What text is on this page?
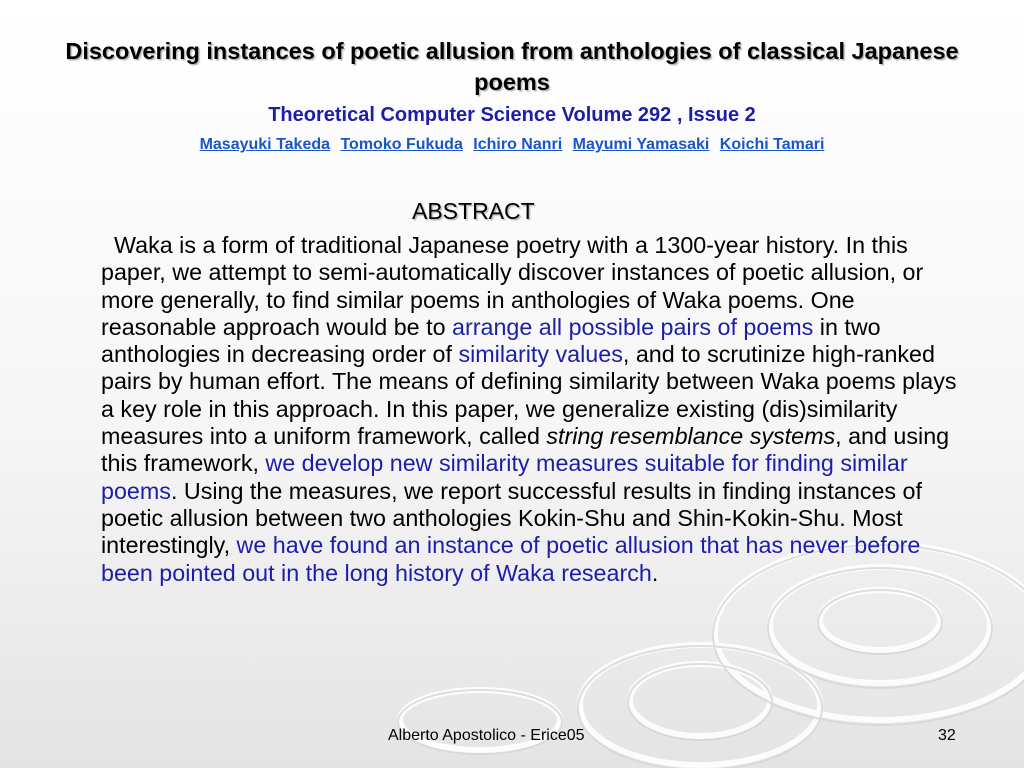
Discovering instances of poetic allusion from anthologies of classical Japanese poems
Theoretical Computer Science Volume 292 , Issue 2
Masayuki Takeda Tomoko Fukuda Ichiro Nanri Mayumi Yamasaki Koichi Tamari
ABSTRACT
Waka is a form of traditional Japanese poetry with a 1300-year history. In this paper, we attempt to semi-automatically discover instances of poetic allusion, or more generally, to find similar poems in anthologies of Waka poems. One reasonable approach would be to arrange all possible pairs of poems in two anthologies in decreasing order of similarity values, and to scrutinize high-ranked pairs by human effort. The means of defining similarity between Waka poems plays a key role in this approach. In this paper, we generalize existing (dis)similarity measures into a uniform framework, called string resemblance systems, and using this framework, we develop new similarity measures suitable for finding similar poems. Using the measures, we report successful results in finding instances of poetic allusion between two anthologies Kokin-Shu and Shin-Kokin-Shu. Most interestingly, we have found an instance of poetic allusion that has never before been pointed out in the long history of Waka research.
Alberto Apostolico - Erice05	32
